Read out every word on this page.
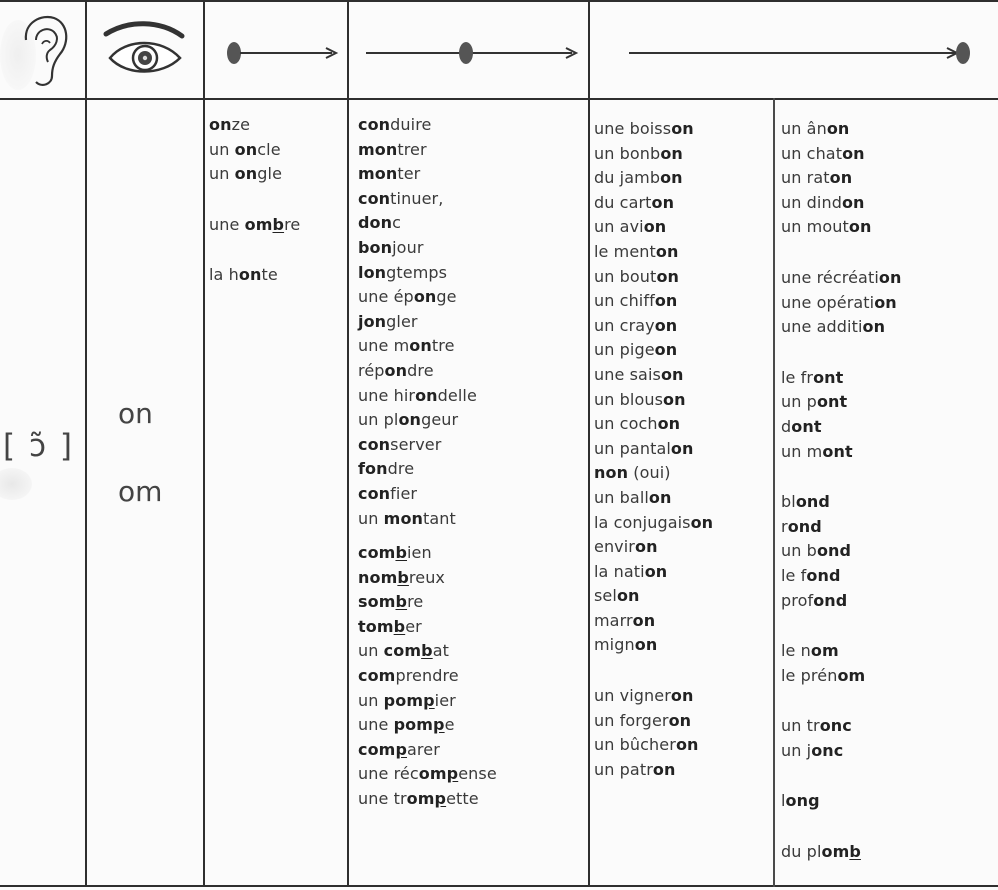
[ ɔ̃ ]
on
om
onze
un oncle
un ongle
une ombre
la honte
conduire
montrer
monter
continuer,
donc
bonjour
longtemps
une éponge
jongler
une montre
répondre
une hirondelle
un plongeur
conserver
fondre
confier
un montant
combien
nombreux
sombre
tomber
un combat
comprendre
un pompier
une pompe
comparer
une récompense
une trompette
une boisson
un bonbon
du jambon
du carton
un avion
le menton
un bouton
un chiffon
un crayon
un pigeon
une saison
un blouson
un cochon
un pantalon
non (oui)
un ballon
la conjugaison
environ
la nation
selon
marron
mignon
un vigneron
un forgeron
un bûcheron
un patron
un ânon
un chaton
un raton
un dindon
un mouton
une récréation
une opération
une addition
le front
un pont
dont
un mont
blond
rond
un bond
le fond
profond
le nom
le prénom
un tronc
un jonc
long
du plomb
